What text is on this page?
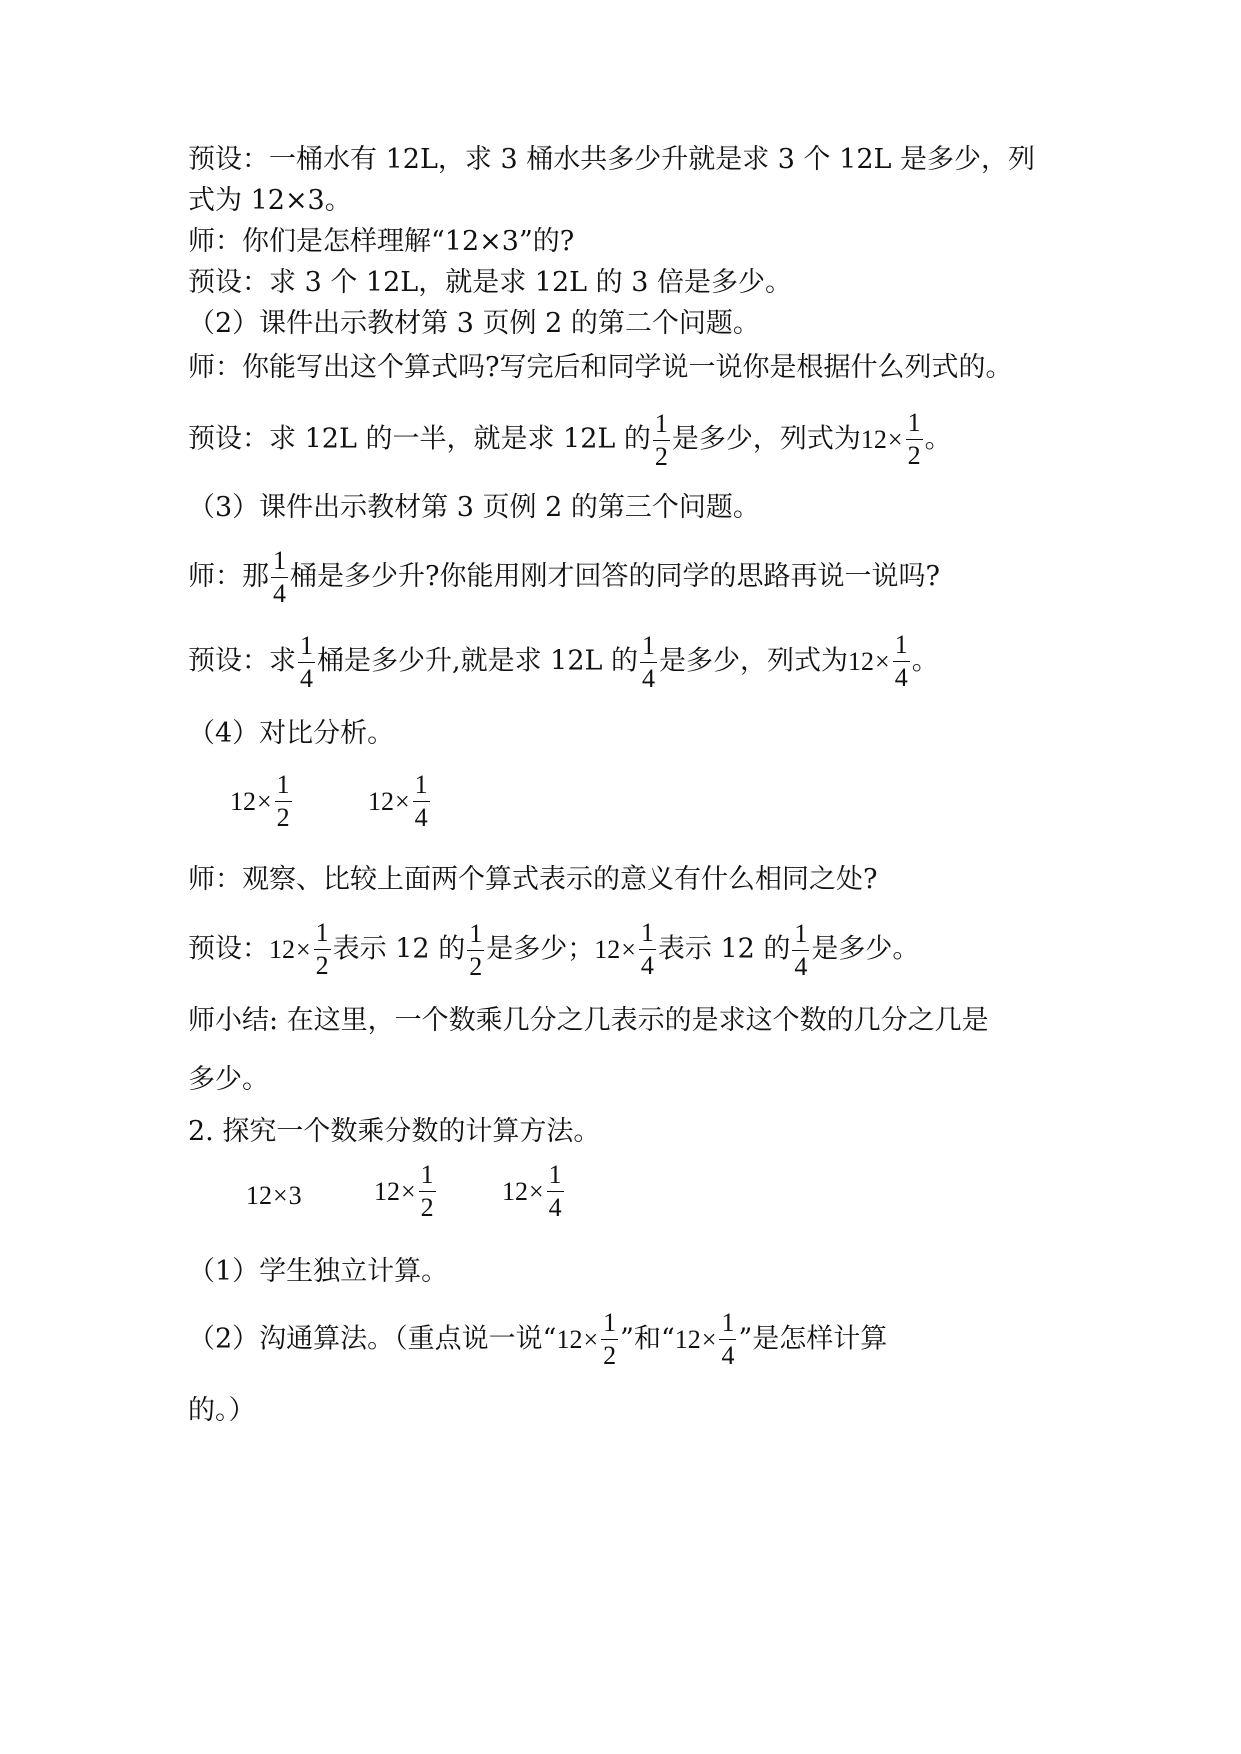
预设：一桶水有 12L，求 3 桶水共多少升就是求 3 个 12L 是多少，列
式为 12×3。
师：你们是怎样理解“12×3”的?
预设：求 3 个 12L，就是求 12L 的 3 倍是多少。
（2）课件出示教材第 3 页例 2 的第二个问题。
师：你能写出这个算式吗?写完后和同学说一说你是根据什么列式的。
预设：求 12L 的一半，就是求 12L 的 $\frac{1}{2}$ 是多少，列式为 $12 \times \frac{1}{2}$ 。
（3）课件出示教材第 3 页例 2 的第三个问题。
师：那 $\frac{1}{4}$ 桶是多少升?你能用刚才回答的同学的思路再说一说吗?
预设：求 $\frac{1}{4}$ 桶是多少升,就是求 12L 的 $\frac{1}{4}$ 是多少，列式为 $12 \times \frac{1}{4}$ 。
（4）对比分析。
$12 \times \frac{1}{2}$	$12 \times \frac{1}{4}$
师：观察、比较上面两个算式表示的意义有什么相同之处?
预设： $12 \times \frac{1}{2}$ 表示 12 的 $\frac{1}{2}$ 是多少； $12 \times \frac{1}{4}$ 表示 12 的 $\frac{1}{4}$ 是多少。
师小结: 在这里，一个数乘几分之几表示的是求这个数的几分之几是
多少。
2. 探究一个数乘分数的计算方法。
12 × 3	$12 \times \frac{1}{2}$	$12 \times \frac{1}{4}$
（1）学生独立计算。
（2）沟通算法。（重点说一说“ $12 \times \frac{1}{2}$ ”和“ $12 \times \frac{1}{4}$ ”是怎样计算
的。）
